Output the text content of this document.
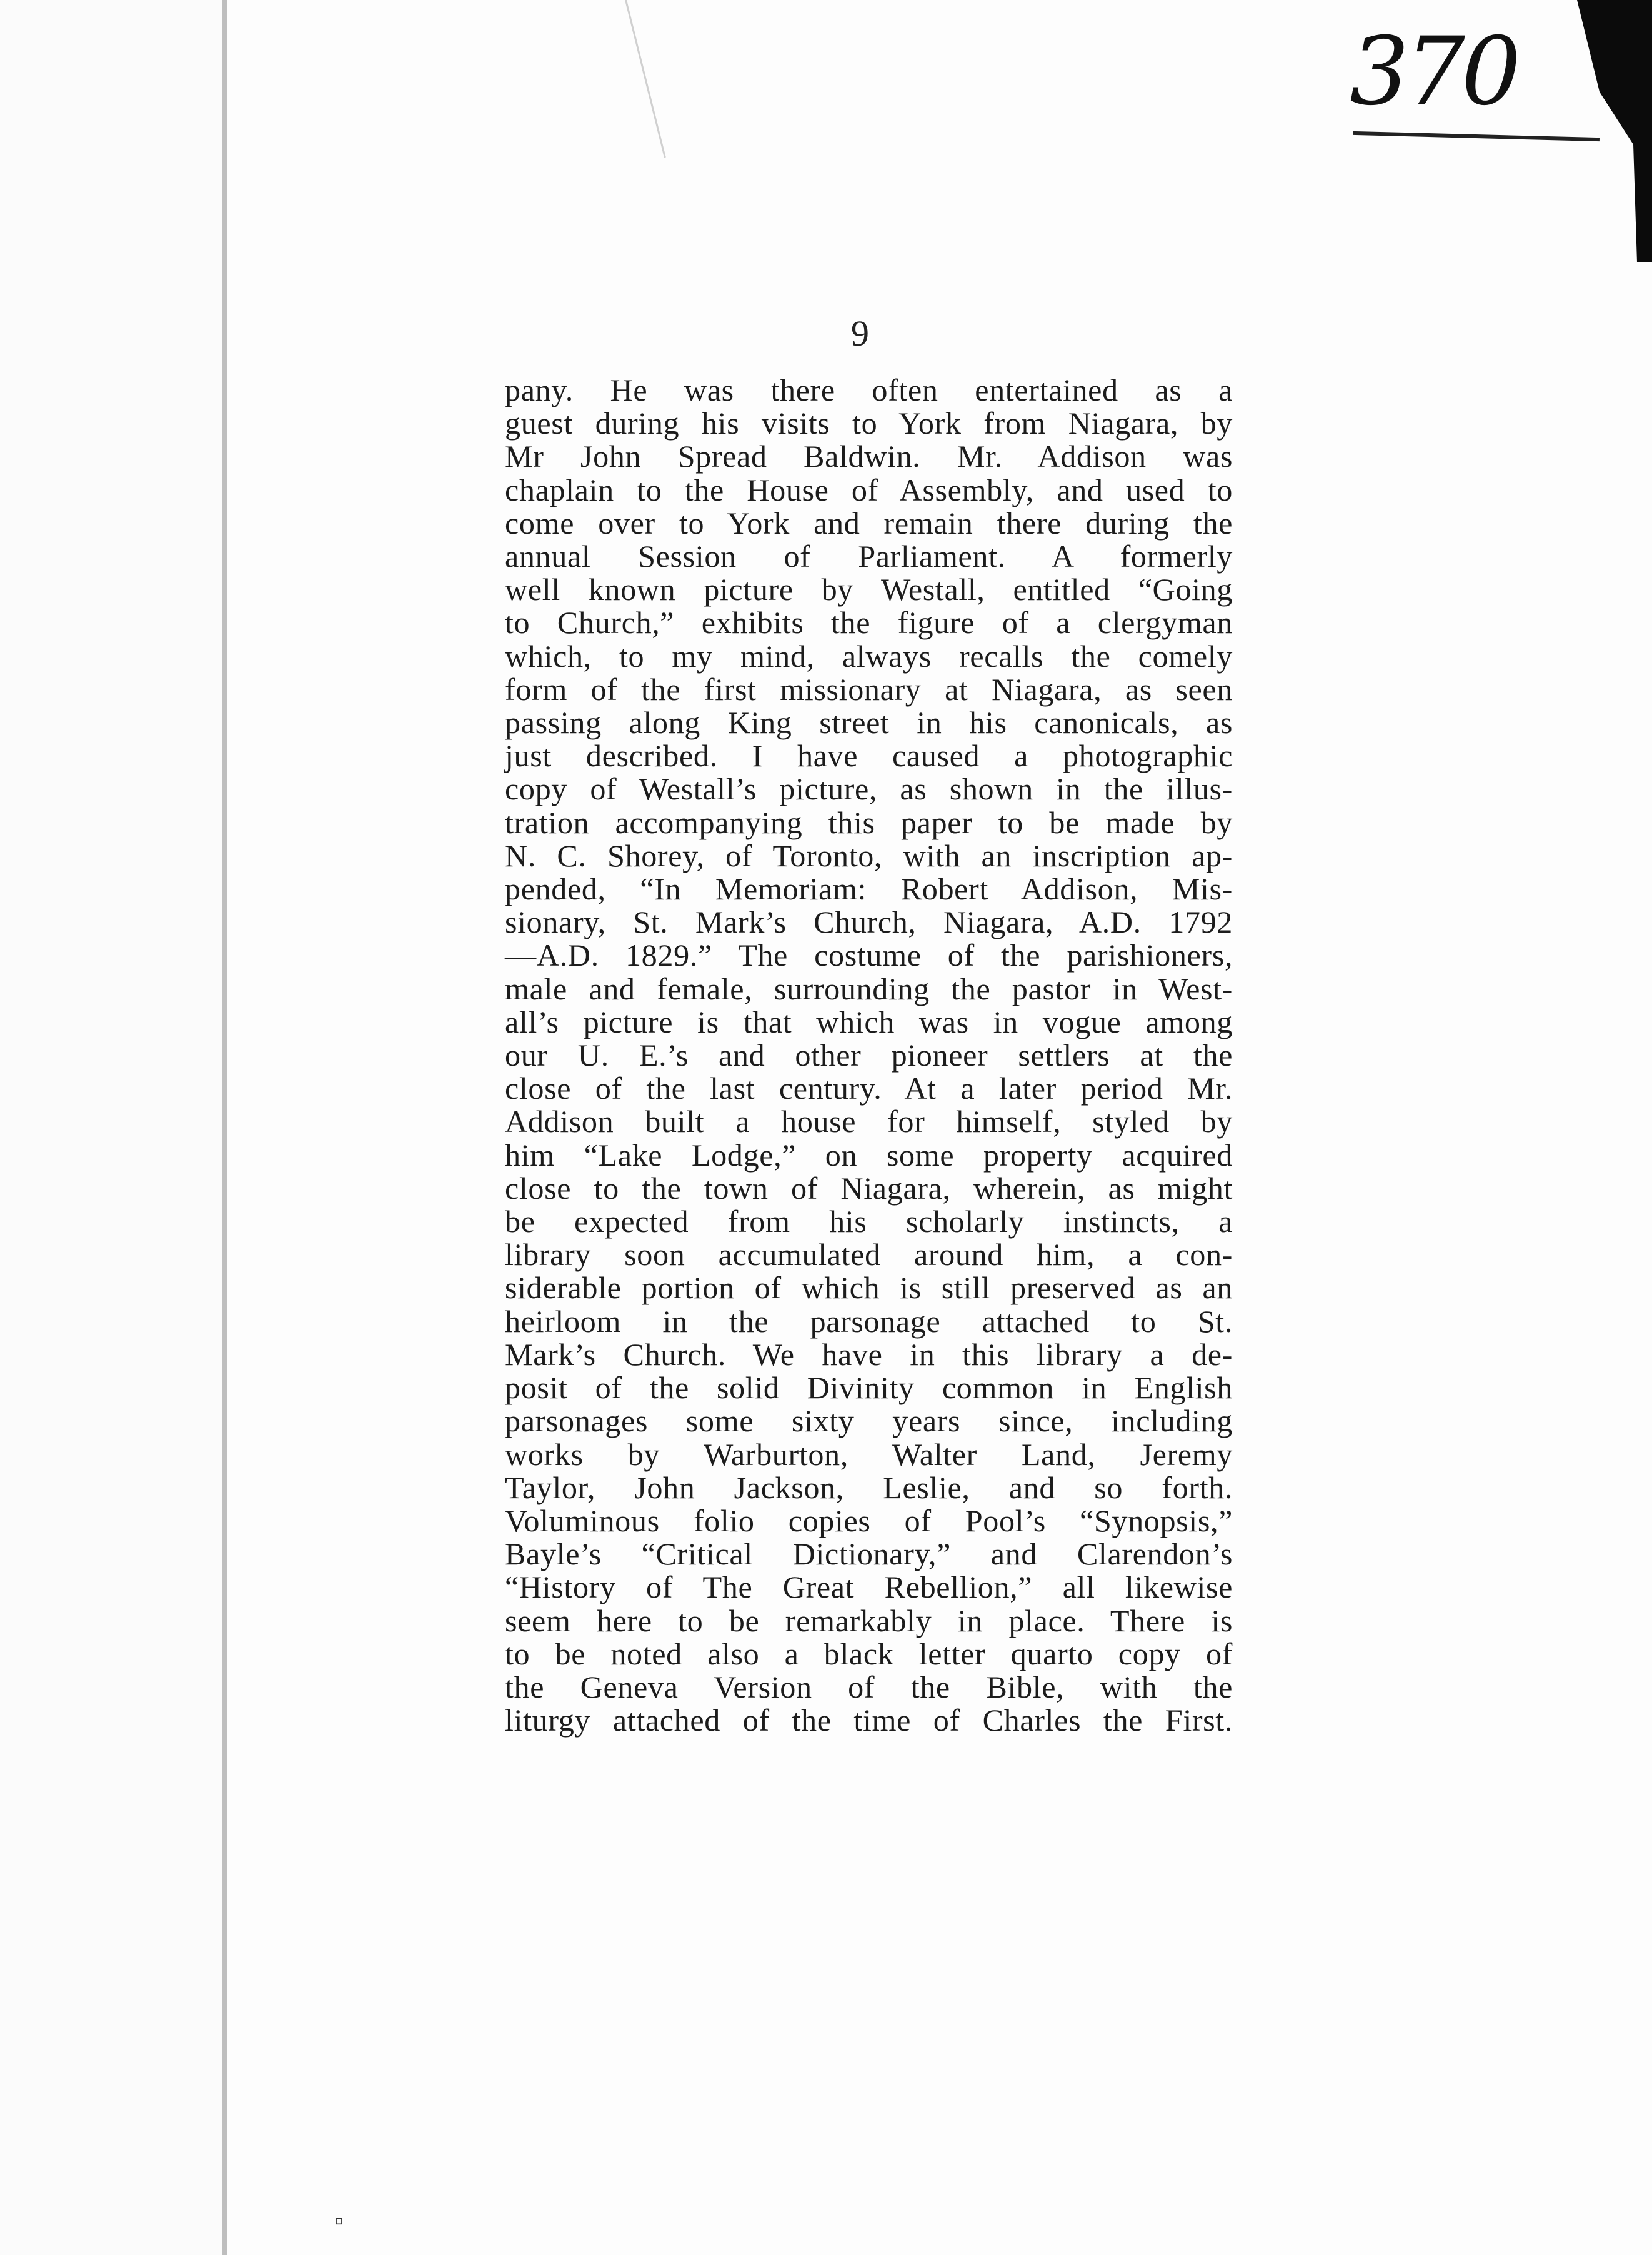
370
9
pany. He was there often entertained as a
guest during his visits to York from Niagara, by
Mr John Spread Baldwin. Mr. Addison was
chaplain to the House of Assembly, and used to
come over to York and remain there during the
annual Session of Parliament. A formerly
well known picture by Westall, entitled “Going
to Church,” exhibits the figure of a clergyman
which, to my mind, always recalls the comely
form of the first missionary at Niagara, as seen
passing along King street in his canonicals, as
just described. I have caused a photographic
copy of Westall’s picture, as shown in the illus-
tration accompanying this paper to be made by
N. C. Shorey, of Toronto, with an inscription ap-
pended, “In Memoriam: Robert Addison, Mis-
sionary, St. Mark’s Church, Niagara, A.D. 1792
—A.D. 1829.” The costume of the parishioners,
male and female, surrounding the pastor in West-
all’s picture is that which was in vogue among
our U. E.’s and other pioneer settlers at the
close of the last century. At a later period Mr.
Addison built a house for himself, styled by
him “Lake Lodge,” on some property acquired
close to the town of Niagara, wherein, as might
be expected from his scholarly instincts, a
library soon accumulated around him, a con-
siderable portion of which is still preserved as an
heirloom in the parsonage attached to St.
Mark’s Church. We have in this library a de-
posit of the solid Divinity common in English
parsonages some sixty years since, including
works by Warburton, Walter Land, Jeremy
Taylor, John Jackson, Leslie, and so forth.
Voluminous folio copies of Pool’s “Synopsis,”
Bayle’s “Critical Dictionary,” and Clarendon’s
“History of The Great Rebellion,” all likewise
seem here to be remarkably in place. There is
to be noted also a black letter quarto copy of
the Geneva Version of the Bible, with the
liturgy attached of the time of Charles the First.
▫
